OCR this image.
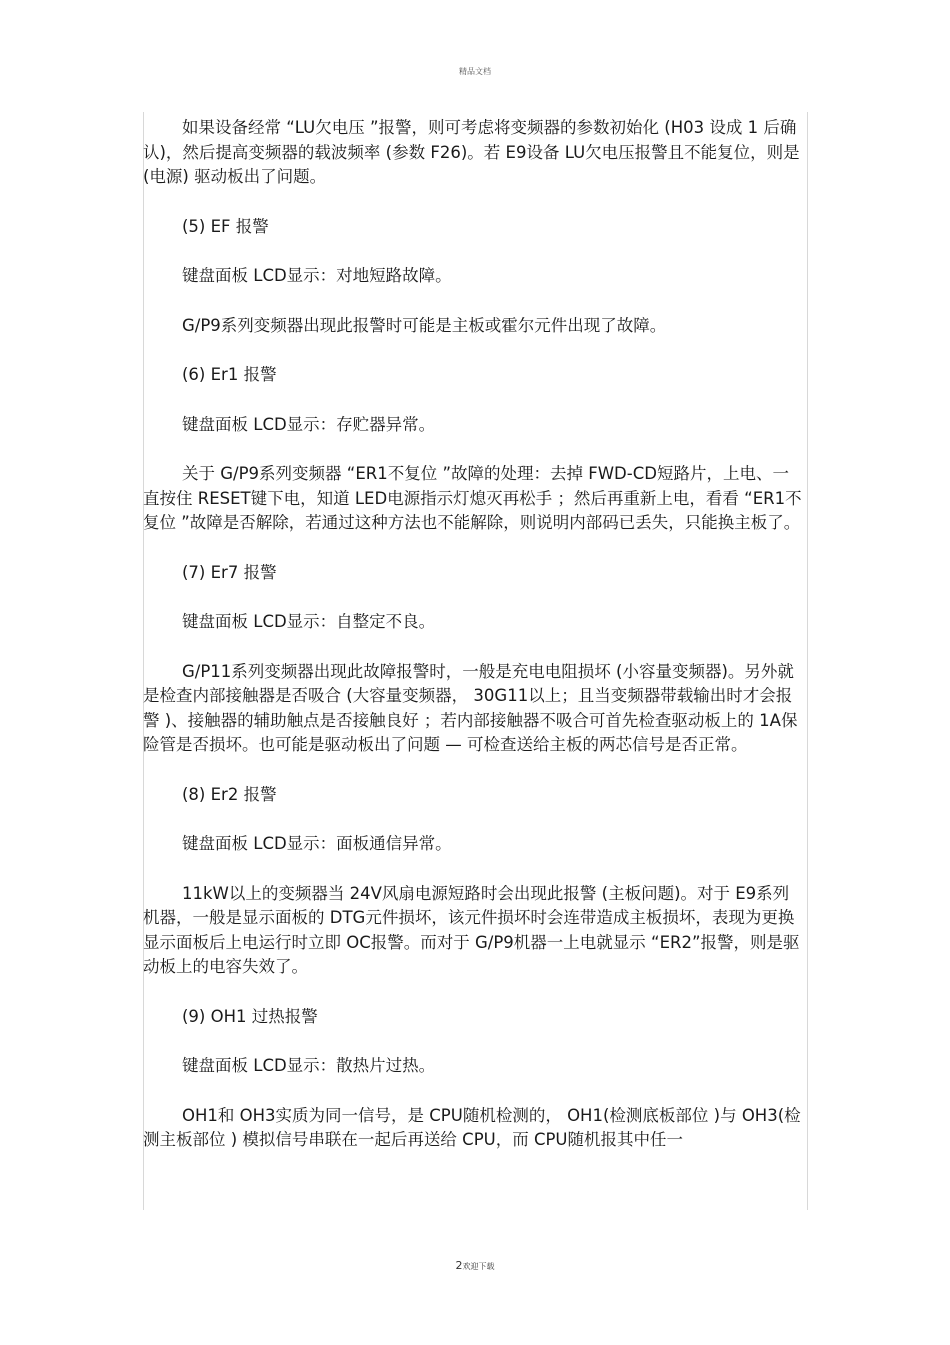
精品文档

如果设备经常 “LU欠电压 ”报警，则可考虑将变频器的参数初始化 (H03 设成 1 后确认)，然后提高变频器的载波频率 (参数 F26)。若 E9设备 LU欠电压报警且不能复位，则是 (电源) 驱动板出了问题。

(5) EF 报警

键盘面板 LCD显示：对地短路故障。

G/P9系列变频器出现此报警时可能是主板或霍尔元件出现了故障。

(6) Er1 报警

键盘面板 LCD显示：存贮器异常。

关于 G/P9系列变频器 “ER1不复位 ”故障的处理：去掉 FWD-CD短路片，上电、一直按住 RESET键下电，知道 LED电源指示灯熄灭再松手 ；然后再重新上电，看看 “ER1不复位 ”故障是否解除，若通过这种方法也不能解除，则说明内部码已丢失，只能换主板了。

(7) Er7 报警

键盘面板 LCD显示：自整定不良。

G/P11系列变频器出现此故障报警时，一般是充电电阻损坏 (小容量变频器)。另外就是检查内部接触器是否吸合 (大容量变频器， 30G11以上；且当变频器带载输出时才会报警 )、接触器的辅助触点是否接触良好 ；若内部接触器不吸合可首先检查驱动板上的 1A保险管是否损坏。也可能是驱动板出了问题 — 可检查送给主板的两芯信号是否正常。

(8) Er2 报警

键盘面板 LCD显示：面板通信异常。

11kW以上的变频器当 24V风扇电源短路时会出现此报警 (主板问题)。对于 E9系列机器，一般是显示面板的 DTG元件损坏，该元件损坏时会连带造成主板损坏，表现为更换显示面板后上电运行时立即 OC报警。而对于 G/P9机器一上电就显示 “ER2”报警，则是驱动板上的电容失效了。

(9) OH1 过热报警

键盘面板 LCD显示：散热片过热。

OH1和 OH3实质为同一信号，是 CPU随机检测的， OH1(检测底板部位 )与 OH3(检测主板部位 ) 模拟信号串联在一起后再送给 CPU，而 CPU随机报其中任一

2欢迎下载
